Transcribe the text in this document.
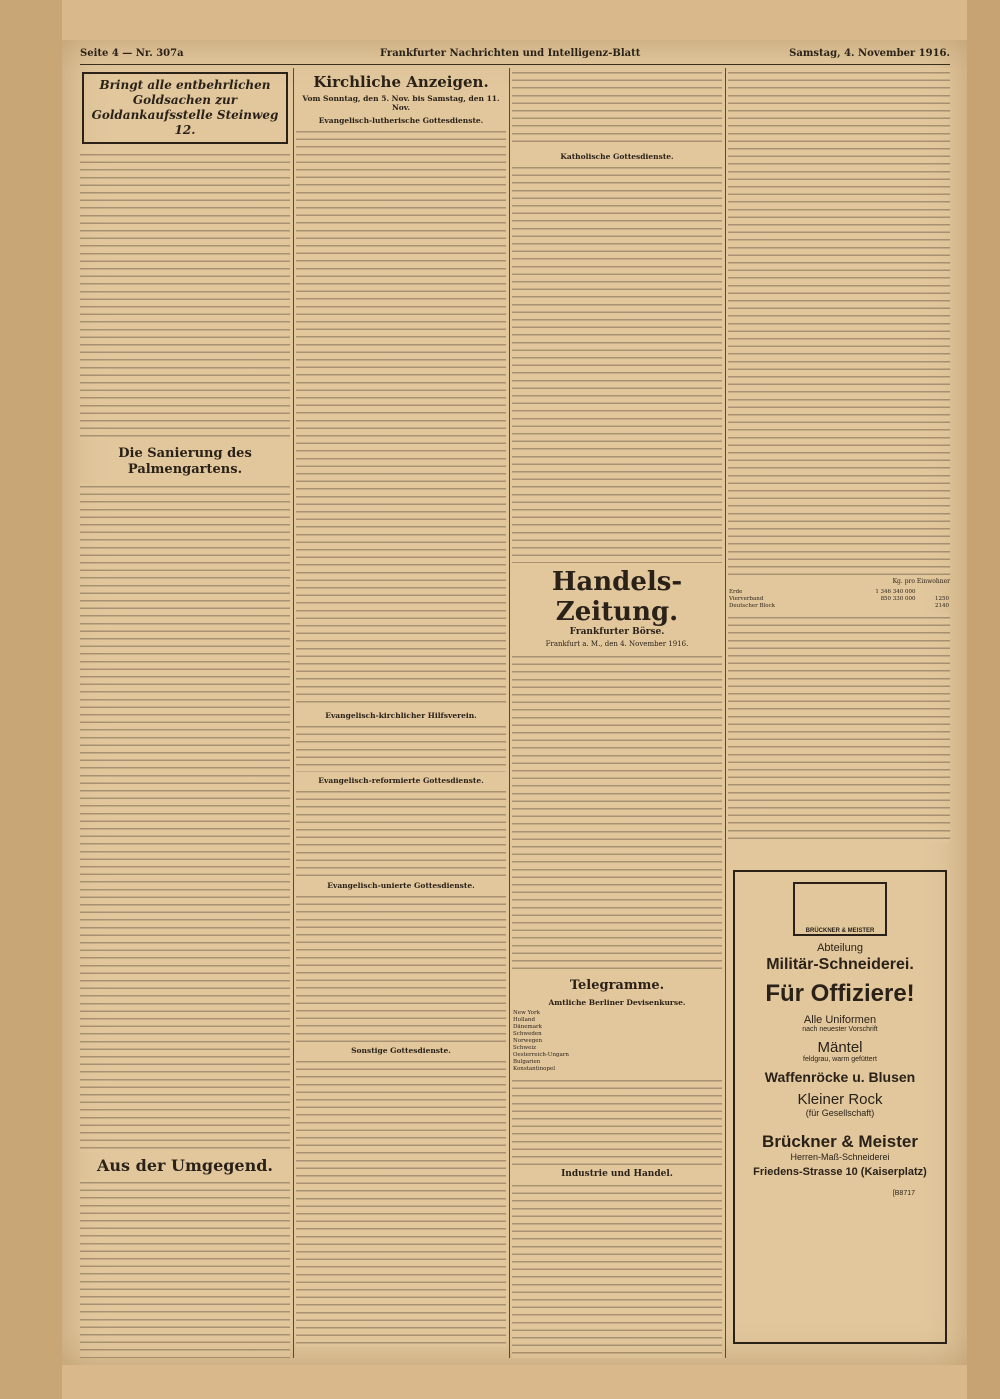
Seite 4 — Nr. 307a	Frankfurter Nachrichten und Intelligenz-Blatt	Samstag, 4. November 1916.
Bringt alle entbehrlichen Goldsachen zur Goldankaufsstelle Steinweg 12.
Die Sanierung des Palmengartens.
Aus der Umgegend.
Kirchliche Anzeigen.
Vom Sonntag, den 5. Nov. bis Samstag, den 11. Nov.
Evangelisch-lutherische Gottesdienste.
Evangelisch-kirchlicher Hilfsverein.
Evangelisch-reformierte Gottesdienste.
Evangelisch-unierte Gottesdienste.
Sonstige Gottesdienste.
Katholische Gottesdienste.
Handels-Zeitung.
Frankfurter Börse.
Frankfurt a. M., den 4. November 1916.
Telegramme.
Amtliche Berliner Devisenkurse.
New York		
Holland		
Dänemark		
Schweden		
Norwegen		
Schweiz		
Oesterreich-Ungarn		
Bulgarien		
Konstantinopel		
Industrie und Handel.
Kg. pro Einwohner
Erde	1 346 340 000	
Vierverband	850 330 000	1250
Deutscher Block		2140
BRÜCKNER & MEISTER
Abteilung
Militär-Schneiderei.
Für Offiziere!
Alle Uniformen
nach neuester Vorschrift
Mäntel
feldgrau, warm gefüttert
Waffenröcke u. Blusen
Kleiner Rock
(für Gesellschaft)
[B8717
Brückner & Meister
Herren-Maß-Schneiderei
Friedens-Strasse 10 (Kaiserplatz)
